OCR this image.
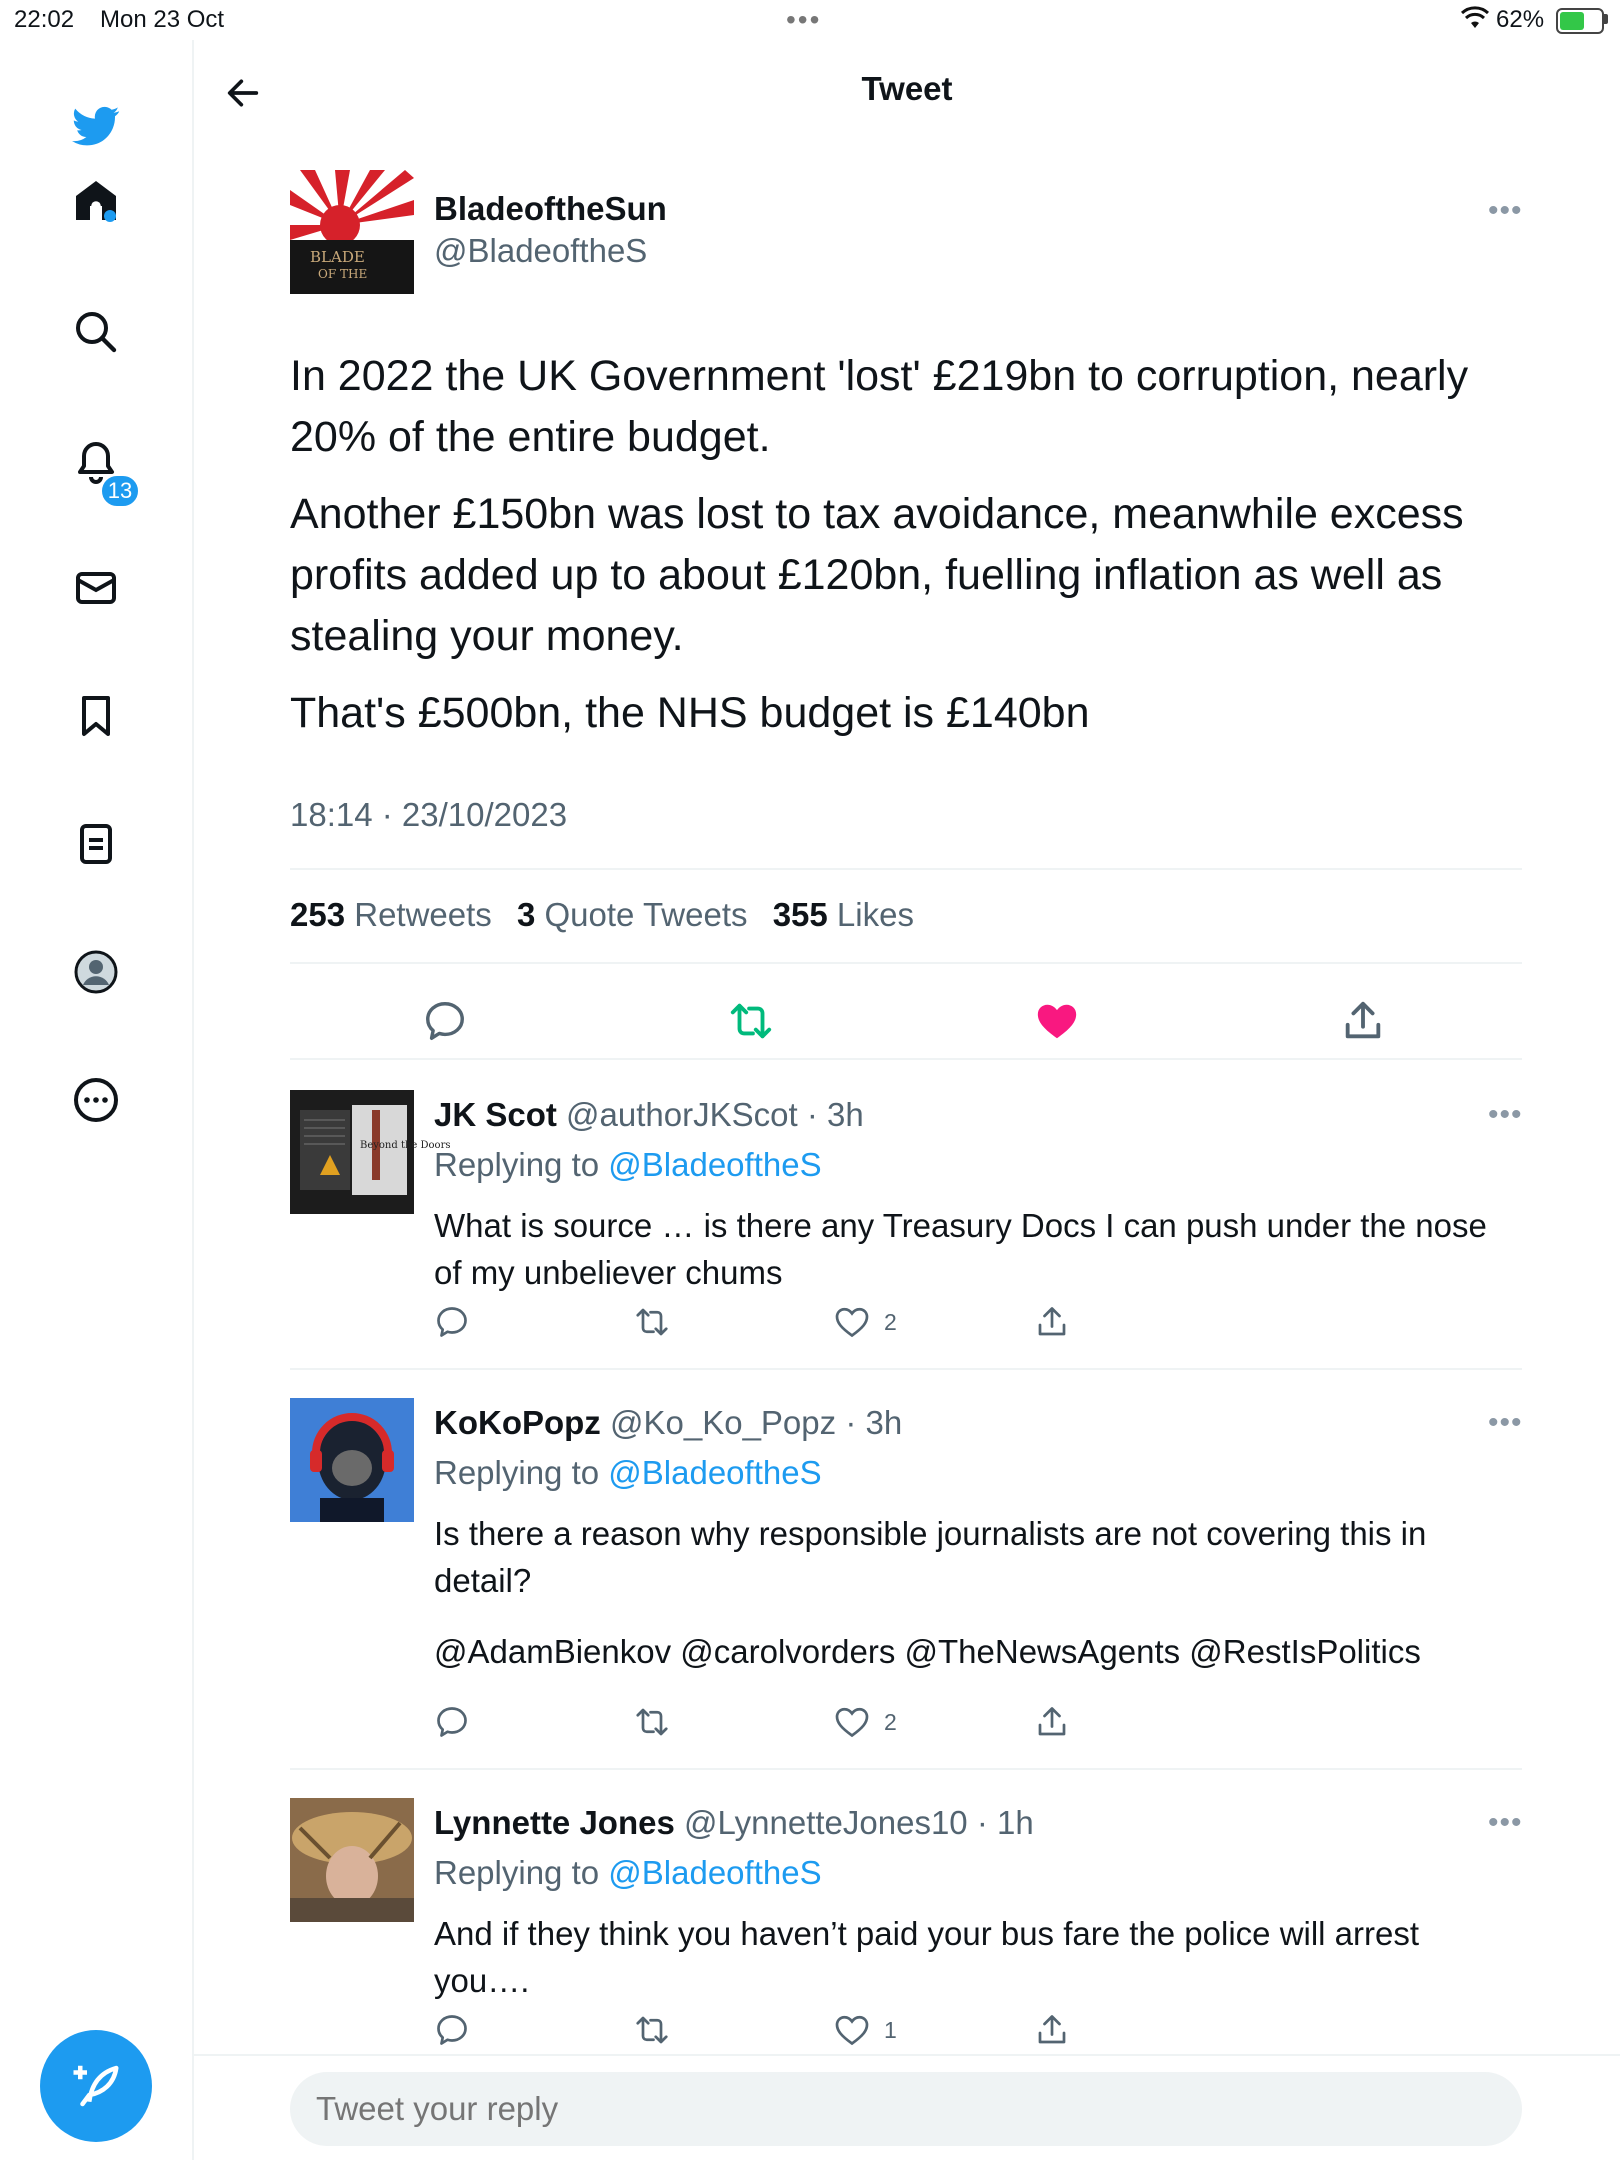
22:02 Mon 23 Oct	•••	62%
13
Tweet
BLADE
OF THE
BladeoftheSun
@BladeoftheS
•••

In 2022 the UK Government 'lost' £219bn to corruption, nearly 20% of the entire budget.

Another £150bn was lost to tax avoidance, meanwhile excess profits added up to about £120bn, fuelling inflation as well as stealing your money.

That's £500bn, the NHS budget is £140bn

18:14 · 23/10/2023
253 Retweets 3 Quote Tweets 355 Likes
Beyond the Doors
JK Scot @authorJKScot · 3h	•••
Replying to @BladeoftheS
What is source … is there any Treasury Docs I can push under the nose of my unbeliever chums
2
KoKoPopz @Ko_Ko_Popz · 3h	•••
Replying to @BladeoftheS
Is there a reason why responsible journalists are not covering this in detail?
@AdamBienkov @carolvorders @TheNewsAgents @RestIsPolitics
2
Lynnette Jones @LynnetteJones10 · 1h	•••
Replying to @BladeoftheS
And if they think you haven’t paid your bus fare the police will arrest you….
1
Tweet your reply
